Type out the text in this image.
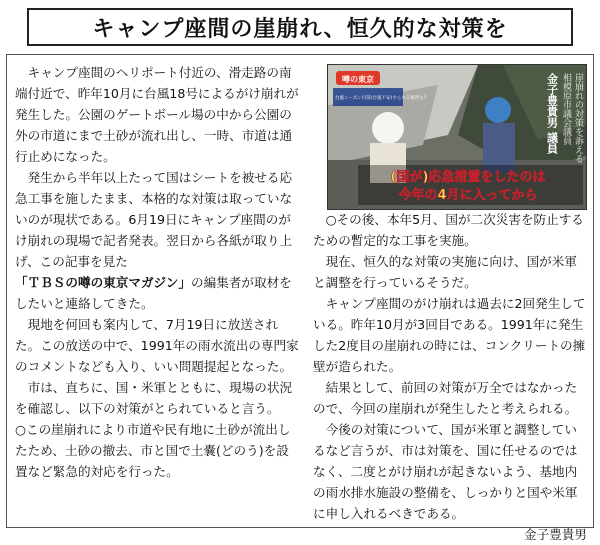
キャンプ座間の崖崩れ、恒久的な対策を

キャンプ座間のヘリポート付近の、滑走路の南端付近で、昨年10月に台風18号によるがけ崩れが発生した。公園のゲートボール場の中から公園の外の市道にまで土砂が流れ出し、一時、市道は通行止めになった。

発生から半年以上たって国はシートを被せる応急工事を施したまま、本格的な対策は取っていないのが現状である。6月19日にキャンプ座間のがけ崩れの現場で記者発表。翌日から各紙が取り上げ、この記事を見た「ＴＢＳの噂の東京マガジン」の編集者が取材をしたいと連絡してきた。

現地を何回も案内して、7月19日に放送された。この放送の中で、1991年の雨水流出の専門家のコメントなども入り、いい問題提起となった。

市は、直ちに、国・米軍とともに、現場の状況を確認し、以下の対策がとられていると言う。

○この崖崩れにより市道や民有地に土砂が流出したため、土砂の撤去、市と国で土嚢(どのう)を設置など緊急的対応を行った。

噂の東京
台風シーズン目前(台風不安)さらなる被害も?	崖崩れの対策を訴える
相模原市議会議員
金子豊貴男 議員
(国が)応急措置をしたのは
今年の4月に入ってから

○その後、本年5月、国が二次災害を防止するための暫定的な工事を実施。

現在、恒久的な対策の実施に向け、国が米軍と調整を行っているそうだ。

キャンプ座間のがけ崩れは過去に2回発生している。昨年10月が3回目である。1991年に発生した2度目の崖崩れの時には、コンクリートの擁壁が造られた。

結果として、前回の対策が万全ではなかったので、今回の崖崩れが発生したと考えられる。

今後の対策について、国が米軍と調整しているなど言うが、市は対策を、国に任せるのではなく、二度とがけ崩れが起きないよう、基地内の雨水排水施設の整備を、しっかりと国や米軍に申し入れるべきである。

金子豊貴男
